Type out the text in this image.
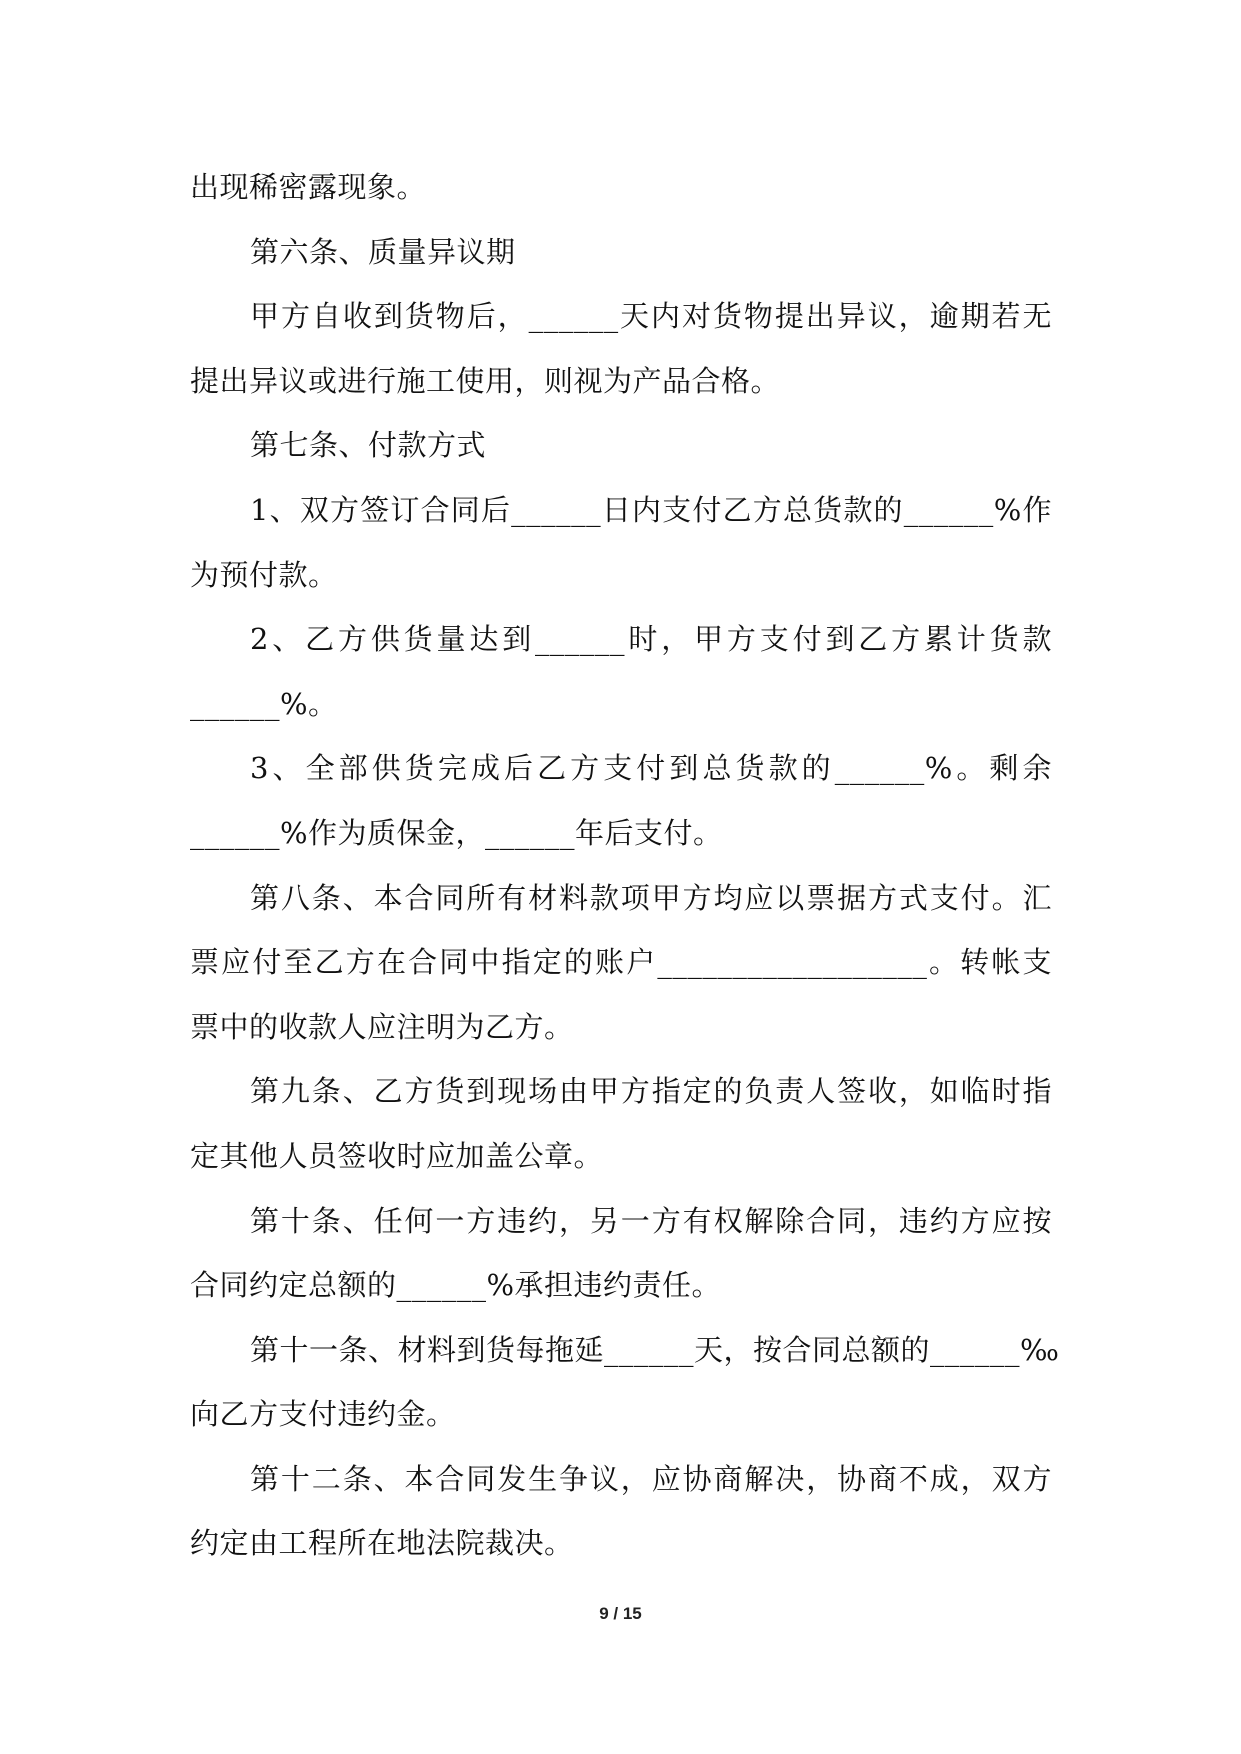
出现稀密露现象。
第六条、质量异议期
甲方自收到货物后，______天内对货物提出异议，逾期若无
提出异议或进行施工使用，则视为产品合格。
第七条、付款方式
1、双方签订合同后______日内支付乙方总货款的______%作
为预付款。
2、乙方供货量达到______时，甲方支付到乙方累计货款
______%。
3、全部供货完成后乙方支付到总货款的______%。剩余
______%作为质保金，______年后支付。
第八条、本合同所有材料款项甲方均应以票据方式支付。汇
票应付至乙方在合同中指定的账户__________________。转帐支
票中的收款人应注明为乙方。
第九条、乙方货到现场由甲方指定的负责人签收，如临时指
定其他人员签收时应加盖公章。
第十条、任何一方违约，另一方有权解除合同，违约方应按
合同约定总额的______%承担违约责任。
第十一条、材料到货每拖延______天，按合同总额的______‰
向乙方支付违约金。
第十二条、本合同发生争议，应协商解决，协商不成，双方
约定由工程所在地法院裁决。
9 / 15
